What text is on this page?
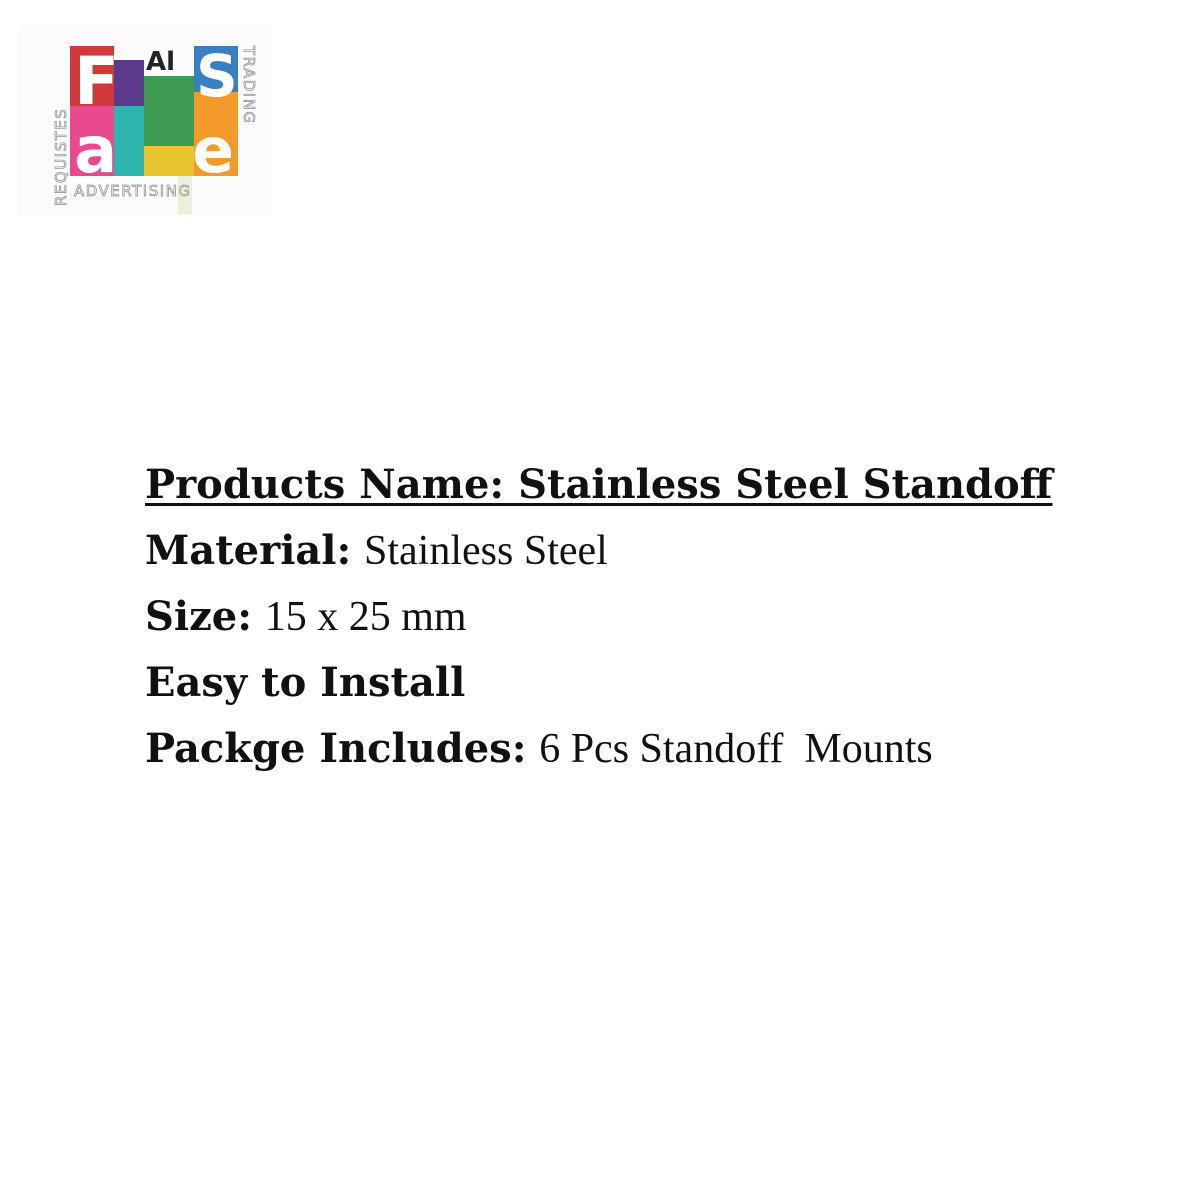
F S
a e
Al
REQUISTES
TRADING
ADVERTISING
Products Name: Stainless Steel Standoff
Material: Stainless Steel
Size: 15 x 25 mm
Easy to Install
Packge Includes: 6 Pcs Standoff  Mounts
